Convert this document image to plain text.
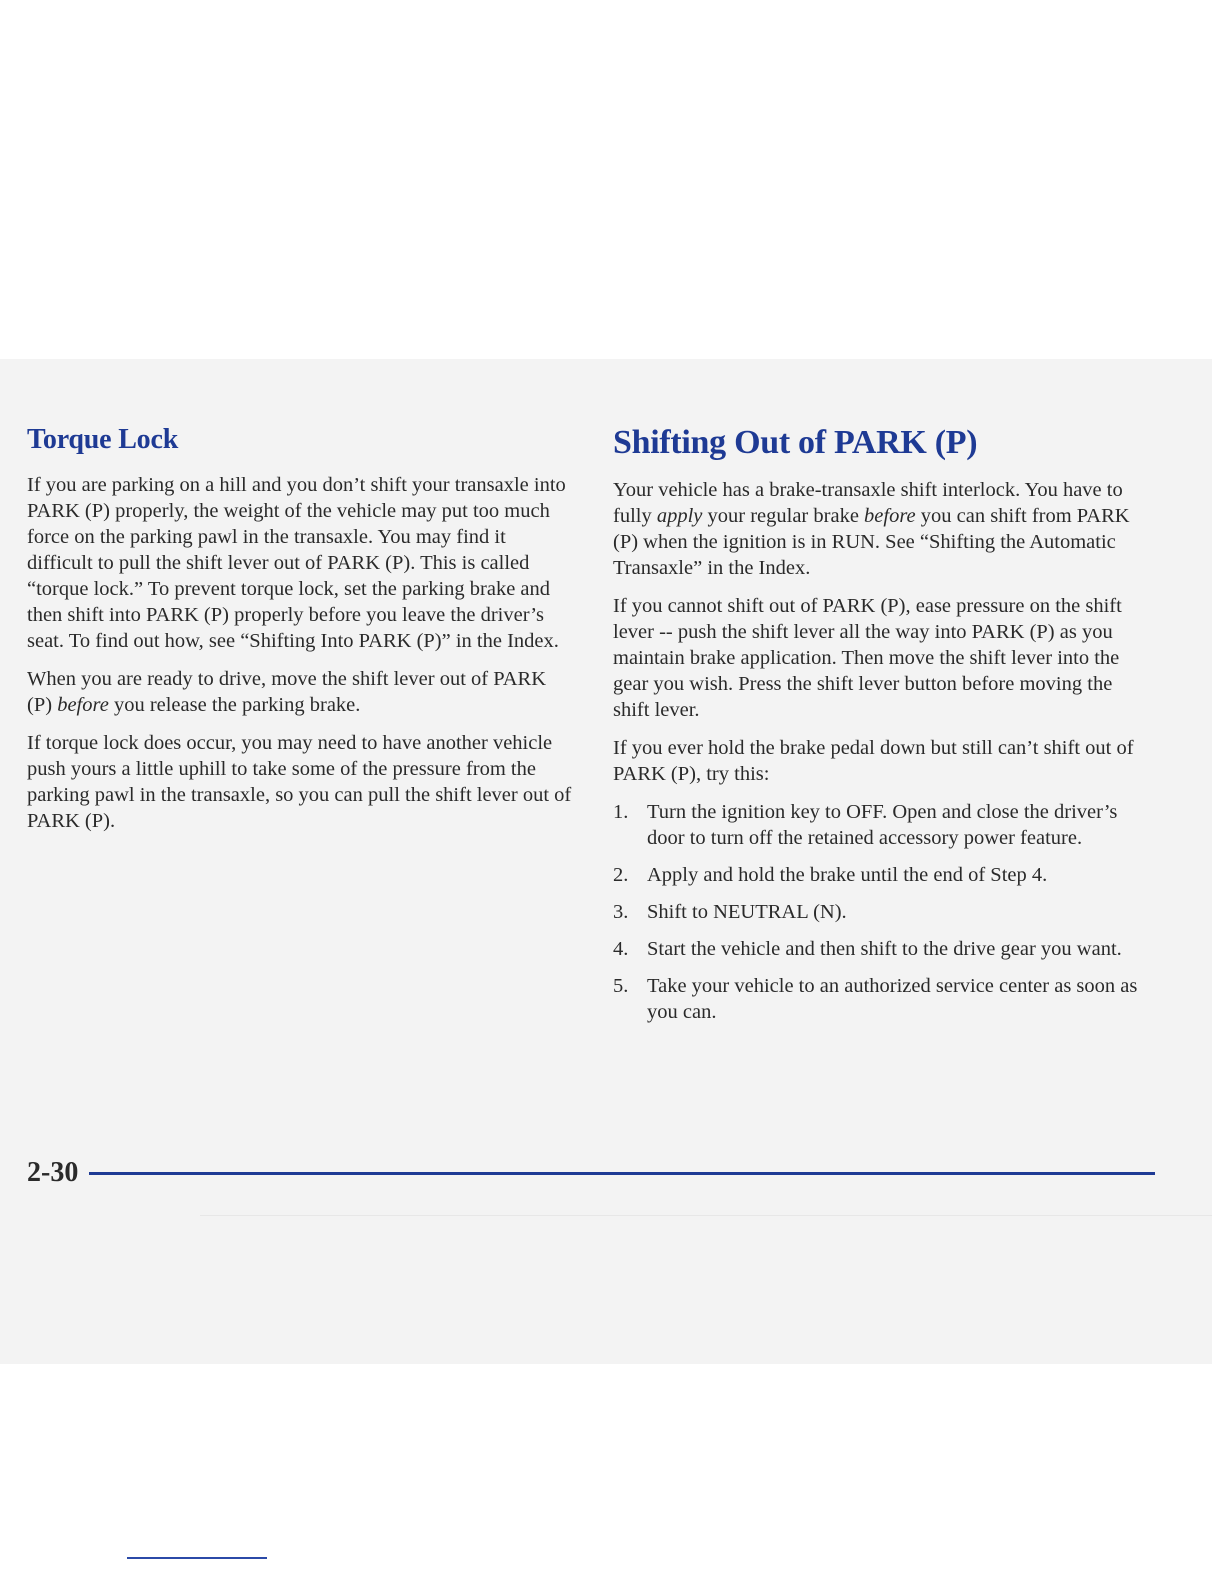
Torque Lock

If you are parking on a hill and you don’t shift your transaxle into PARK (P) properly, the weight of the vehicle may put too much force on the parking pawl in the transaxle. You may find it difficult to pull the shift lever out of PARK (P). This is called “torque lock.” To prevent torque lock, set the parking brake and then shift into PARK (P) properly before you leave the driver’s seat. To find out how, see “Shifting Into PARK (P)” in the Index.

When you are ready to drive, move the shift lever out of PARK (P) before you release the parking brake.

If torque lock does occur, you may need to have another vehicle push yours a little uphill to take some of the pressure from the parking pawl in the transaxle, so you can pull the shift lever out of PARK (P).

Shifting Out of PARK (P)

Your vehicle has a brake-transaxle shift interlock. You have to fully apply your regular brake before you can shift from PARK (P) when the ignition is in RUN. See “Shifting the Automatic Transaxle” in the Index.

If you cannot shift out of PARK (P), ease pressure on the shift lever -- push the shift lever all the way into PARK (P) as you maintain brake application. Then move the shift lever into the gear you wish. Press the shift lever button before moving the shift lever.

If you ever hold the brake pedal down but still can’t shift out of PARK (P), try this:

1. Turn the ignition key to OFF. Open and close the driver’s door to turn off the retained accessory power feature.
2. Apply and hold the brake until the end of Step 4.
3. Shift to NEUTRAL (N).
4. Start the vehicle and then shift to the drive gear you want.
5. Take your vehicle to an authorized service center as soon as you can.
2-30
